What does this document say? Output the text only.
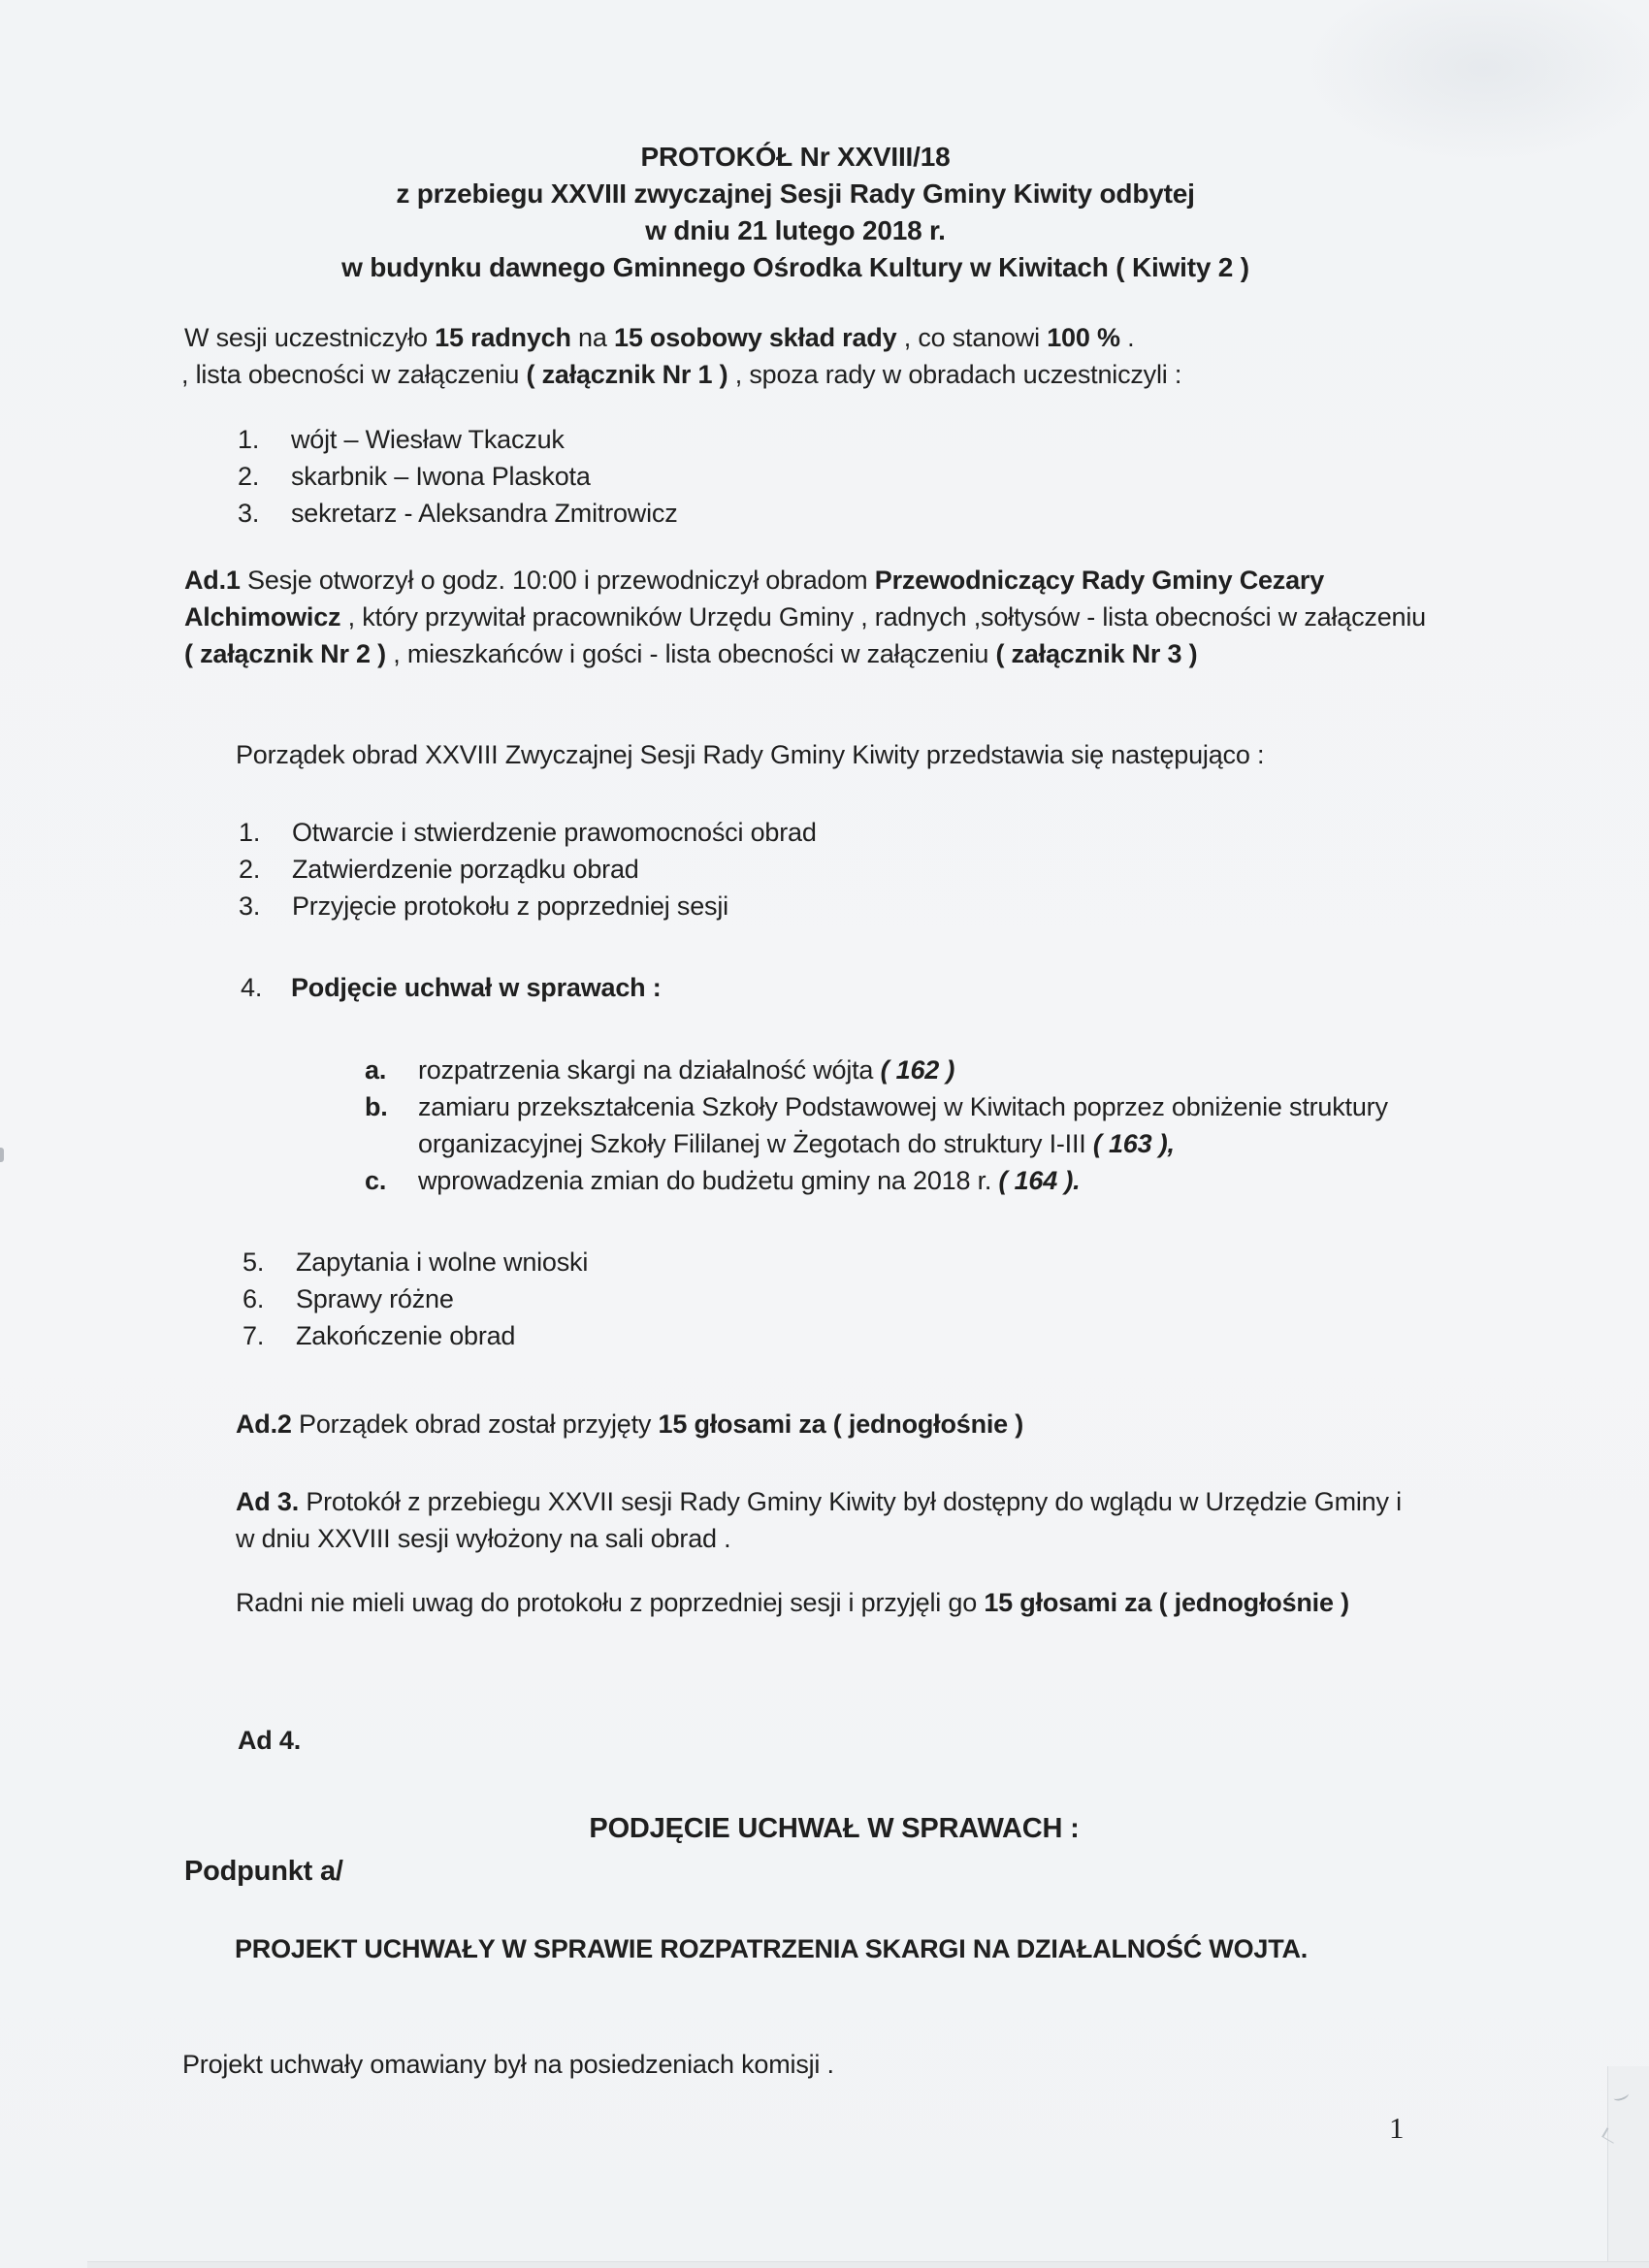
PROTOKÓŁ Nr XXVIII/18
z przebiegu XXVIII zwyczajnej Sesji Rady Gminy Kiwity odbytej
w dniu 21 lutego 2018 r.
w budynku dawnego Gminnego Ośrodka Kultury w Kiwitach ( Kiwity 2 )
W sesji uczestniczyło 15 radnych na 15 osobowy skład rady , co stanowi 100 % .
, lista obecności w załączeniu ( załącznik Nr 1 ) , spoza rady w obradach uczestniczyli :
1. wójt – Wiesław Tkaczuk
2. skarbnik – Iwona Plaskota
3. sekretarz - Aleksandra Zmitrowicz
Ad.1 Sesje otworzył o godz. 10:00 i przewodniczył obradom Przewodniczący Rady Gminy Cezary
Alchimowicz , który przywitał pracowników Urzędu Gminy , radnych ,sołtysów - lista obecności w załączeniu
( załącznik Nr 2 ) , mieszkańców i gości - lista obecności w załączeniu ( załącznik Nr 3 )
Porządek obrad XXVIII Zwyczajnej Sesji Rady Gminy Kiwity przedstawia się następująco :
1. Otwarcie i stwierdzenie prawomocności obrad
2. Zatwierdzenie porządku obrad
3. Przyjęcie protokołu z poprzedniej sesji
4. Podjęcie uchwał w sprawach :
a. rozpatrzenia skargi na działalność wójta ( 162 )
b. zamiaru przekształcenia Szkoły Podstawowej w Kiwitach poprzez obniżenie struktury
organizacyjnej Szkoły Fililanej w Żegotach do struktury I-III ( 163 ),
c. wprowadzenia zmian do budżetu gminy na 2018 r. ( 164 ).
5. Zapytania i wolne wnioski
6. Sprawy różne
7. Zakończenie obrad
Ad.2 Porządek obrad został przyjęty 15 głosami za ( jednogłośnie )
Ad 3. Protokół z przebiegu XXVII sesji Rady Gminy Kiwity był dostępny do wglądu w Urzędzie Gminy i
w dniu XXVIII sesji wyłożony na sali obrad .
Radni nie mieli uwag do protokołu z poprzedniej sesji i przyjęli go 15 głosami za ( jednogłośnie )
Ad 4.
PODJĘCIE UCHWAŁ W SPRAWACH :
Podpunkt a/
PROJEKT UCHWAŁY W SPRAWIE ROZPATRZENIA SKARGI NA DZIAŁALNOŚĆ WOJTA.
Projekt uchwały omawiany był na posiedzeniach komisji .
1
